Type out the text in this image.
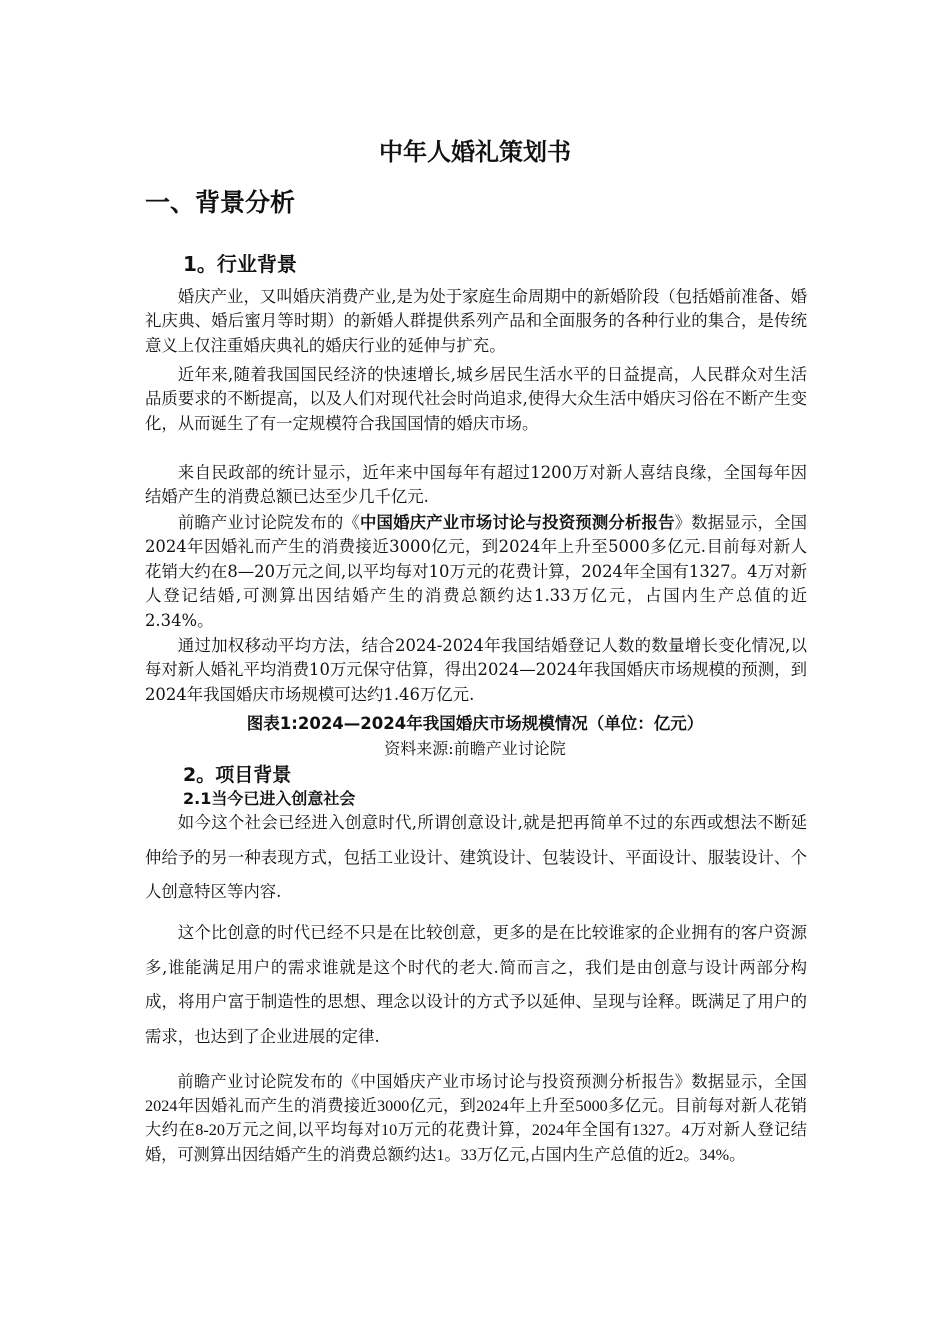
中年人婚礼策划书
一、背景分析
1。行业背景
婚庆产业，又叫婚庆消费产业,是为处于家庭生命周期中的新婚阶段（包括婚前准备、婚礼庆典、婚后蜜月等时期）的新婚人群提供系列产品和全面服务的各种行业的集合，是传统意义上仅注重婚庆典礼的婚庆行业的延伸与扩充。
近年来,随着我国国民经济的快速增长,城乡居民生活水平的日益提高，人民群众对生活品质要求的不断提高，以及人们对现代社会时尚追求,使得大众生活中婚庆习俗在不断产生变化，从而诞生了有一定规模符合我国国情的婚庆市场。
来自民政部的统计显示，近年来中国每年有超过1200万对新人喜结良缘，全国每年因结婚产生的消费总额已达至少几千亿元.
前瞻产业讨论院发布的《中国婚庆产业市场讨论与投资预测分析报告》数据显示，全国2024年因婚礼而产生的消费接近3000亿元，到2024年上升至5000多亿元.目前每对新人花销大约在8—20万元之间,以平均每对10万元的花费计算，2024年全国有1327。4万对新人登记结婚,可测算出因结婚产生的消费总额约达1.33万亿元，占国内生产总值的近2.34%。
通过加权移动平均方法，结合2024-2024年我国结婚登记人数的数量增长变化情况,以每对新人婚礼平均消费10万元保守估算，得出2024—2024年我国婚庆市场规模的预测，到2024年我国婚庆市场规模可达约1.46万亿元.
图表1:2024—2024年我国婚庆市场规模情况（单位：亿元）
资料来源:前瞻产业讨论院
2。项目背景
2.1当今已进入创意社会
如今这个社会已经进入创意时代,所谓创意设计,就是把再简单不过的东西或想法不断延伸给予的另一种表现方式，包括工业设计、建筑设计、包装设计、平面设计、服装设计、个人创意特区等内容.
这个比创意的时代已经不只是在比较创意，更多的是在比较谁家的企业拥有的客户资源多,谁能满足用户的需求谁就是这个时代的老大.简而言之，我们是由创意与设计两部分构成，将用户富于制造性的思想、理念以设计的方式予以延伸、呈现与诠释。既满足了用户的需求，也达到了企业进展的定律.
前瞻产业讨论院发布的《中国婚庆产业市场讨论与投资预测分析报告》数据显示，全国2024年因婚礼而产生的消费接近3000亿元，到2024年上升至5000多亿元。目前每对新人花销大约在8-20万元之间,以平均每对10万元的花费计算，2024年全国有1327。4万对新人登记结婚，可测算出因结婚产生的消费总额约达1。33万亿元,占国内生产总值的近2。34%。
